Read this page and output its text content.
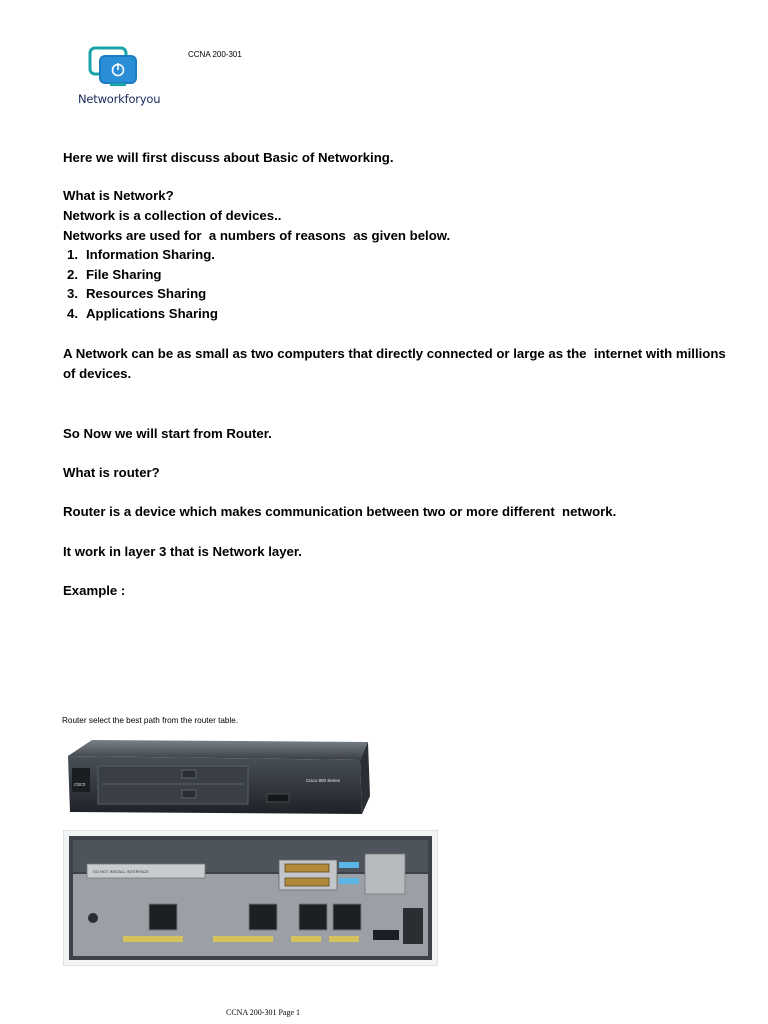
Networkforyou
CCNA 200-301
Here we will first discuss about Basic of Networking.
What is Network?
Network is a collection of devices..
Networks are used for  a numbers of reasons  as given below.
1. Information Sharing.
2. File Sharing
3. Resources Sharing
4. Applications Sharing
A Network can be as small as two computers that directly connected or large as the  internet with millions
of devices.
So Now we will start from Router.
What is router?
Router is a device which makes communication between two or more different  network.
It work in layer 3 that is Network layer.
Example :
Router select the best path from the router table.
cisco
Cisco 800 Series
DO NOT INSTALL INTERFACE
CCNA 200-301 Page 1
